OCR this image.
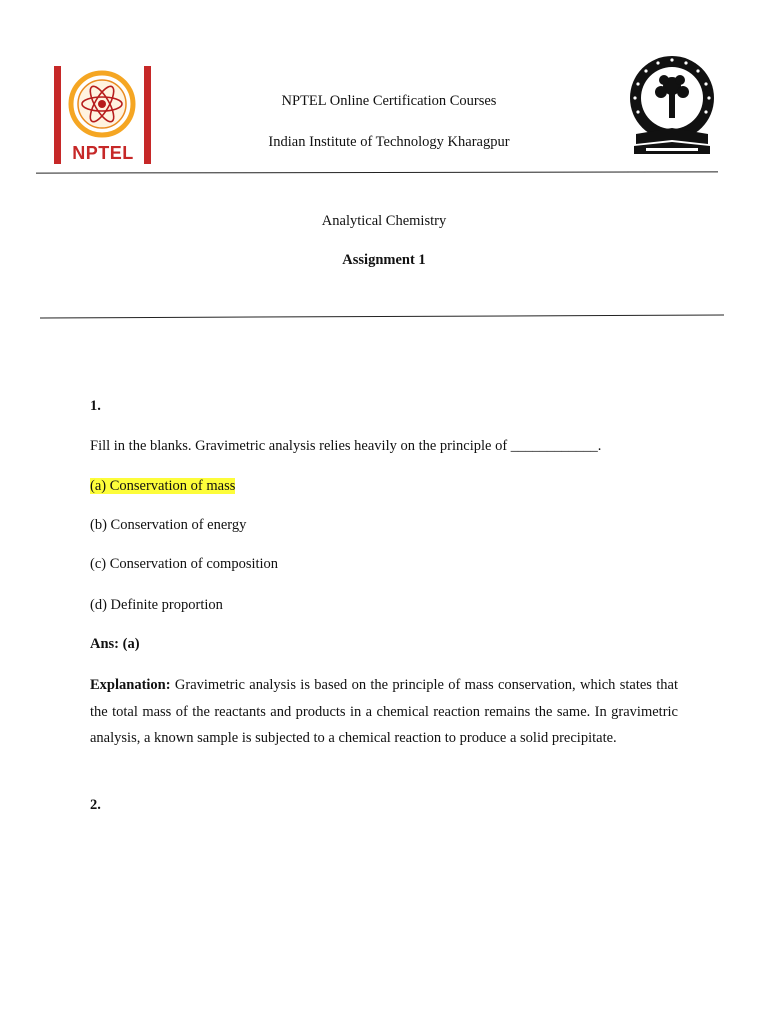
NPTEL
NPTEL Online Certification Courses
Indian Institute of Technology Kharagpur
Analytical Chemistry
Assignment 1
1.
Fill in the blanks. Gravimetric analysis relies heavily on the principle of ____________.
(a) Conservation of mass
(b) Conservation of energy
(c) Conservation of composition
(d) Definite proportion
Ans: (a)
Explanation: Gravimetric analysis is based on the principle of mass conservation, which states that the total mass of the reactants and products in a chemical reaction remains the same. In gravimetric analysis, a known sample is subjected to a chemical reaction to produce a solid precipitate.
2.
